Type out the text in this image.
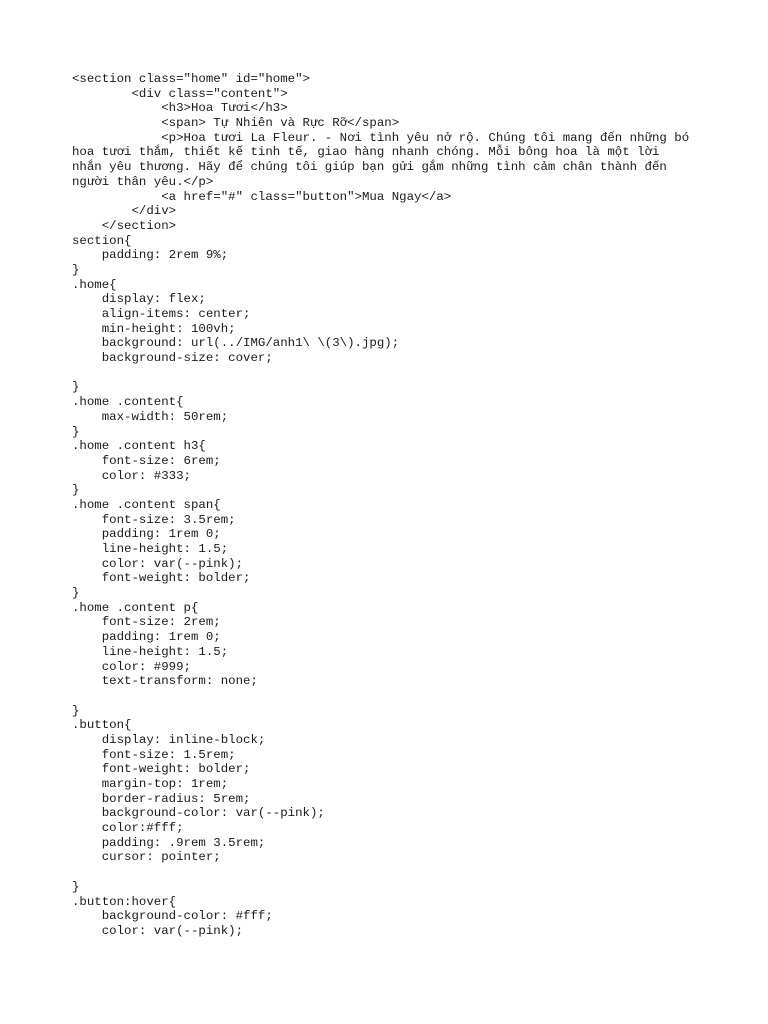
<section class="home" id="home">
<div class="content">
<h3>Hoa Tươi</h3>
<span> Tự Nhiên và Rực Rỡ</span>
<p>Hoa tươi La Fleur. - Nơi tình yêu nở rộ. Chúng tôi mang đến những bó
hoa tươi thắm, thiết kế tinh tế, giao hàng nhanh chóng. Mỗi bông hoa là một lời
nhắn yêu thương. Hãy để chúng tôi giúp bạn gửi gắm những tình cảm chân thành đến
người thân yêu.</p>
<a href="#" class="button">Mua Ngay</a>
</div>
</section>
section{
padding: 2rem 9%;
}
.home{
display: flex;
align-items: center;
min-height: 100vh;
background: url(../IMG/anh1\ \(3\).jpg);
background-size: cover;
}
.home .content{
max-width: 50rem;
}
.home .content h3{
font-size: 6rem;
color: #333;
}
.home .content span{
font-size: 3.5rem;
padding: 1rem 0;
line-height: 1.5;
color: var(--pink);
font-weight: bolder;
}
.home .content p{
font-size: 2rem;
padding: 1rem 0;
line-height: 1.5;
color: #999;
text-transform: none;
}
.button{
display: inline-block;
font-size: 1.5rem;
font-weight: bolder;
margin-top: 1rem;
border-radius: 5rem;
background-color: var(--pink);
color:#fff;
padding: .9rem 3.5rem;
cursor: pointer;
}
.button:hover{
background-color: #fff;
color: var(--pink);
